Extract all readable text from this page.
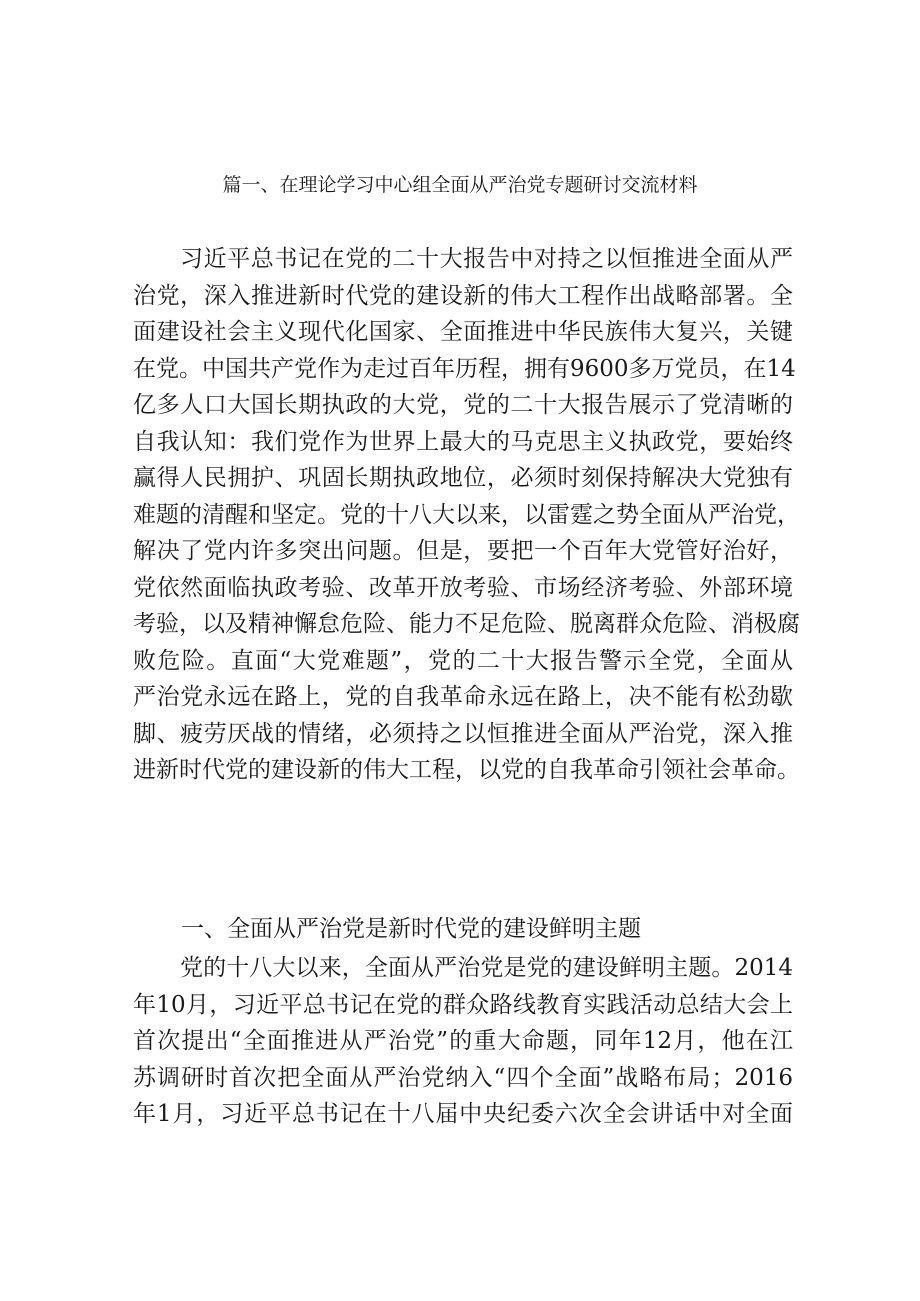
篇一、在理论学习中心组全面从严治党专题研讨交流材料
习近平总书记在党的二十大报告中对持之以恒推进全面从严
治党，深入推进新时代党的建设新的伟大工程作出战略部署。全
面建设社会主义现代化国家、全面推进中华民族伟大复兴，关键
在党。中国共产党作为走过百年历程，拥有9600多万党员，在14
亿多人口大国长期执政的大党，党的二十大报告展示了党清晰的
自我认知：我们党作为世界上最大的马克思主义执政党，要始终
赢得人民拥护、巩固长期执政地位，必须时刻保持解决大党独有
难题的清醒和坚定。党的十八大以来，以雷霆之势全面从严治党，
解决了党内许多突出问题。但是，要把一个百年大党管好治好，
党依然面临执政考验、改革开放考验、市场经济考验、外部环境
考验，以及精神懈怠危险、能力不足危险、脱离群众危险、消极腐
败危险。直面“大党难题”，党的二十大报告警示全党，全面从
严治党永远在路上，党的自我革命永远在路上，决不能有松劲歇
脚、疲劳厌战的情绪，必须持之以恒推进全面从严治党，深入推
进新时代党的建设新的伟大工程，以党的自我革命引领社会革命。
一、全面从严治党是新时代党的建设鲜明主题
党的十八大以来，全面从严治党是党的建设鲜明主题。2014
年10月，习近平总书记在党的群众路线教育实践活动总结大会上
首次提出“全面推进从严治党”的重大命题，同年12月，他在江
苏调研时首次把全面从严治党纳入“四个全面”战略布局；2016
年1月，习近平总书记在十八届中央纪委六次全会讲话中对全面
